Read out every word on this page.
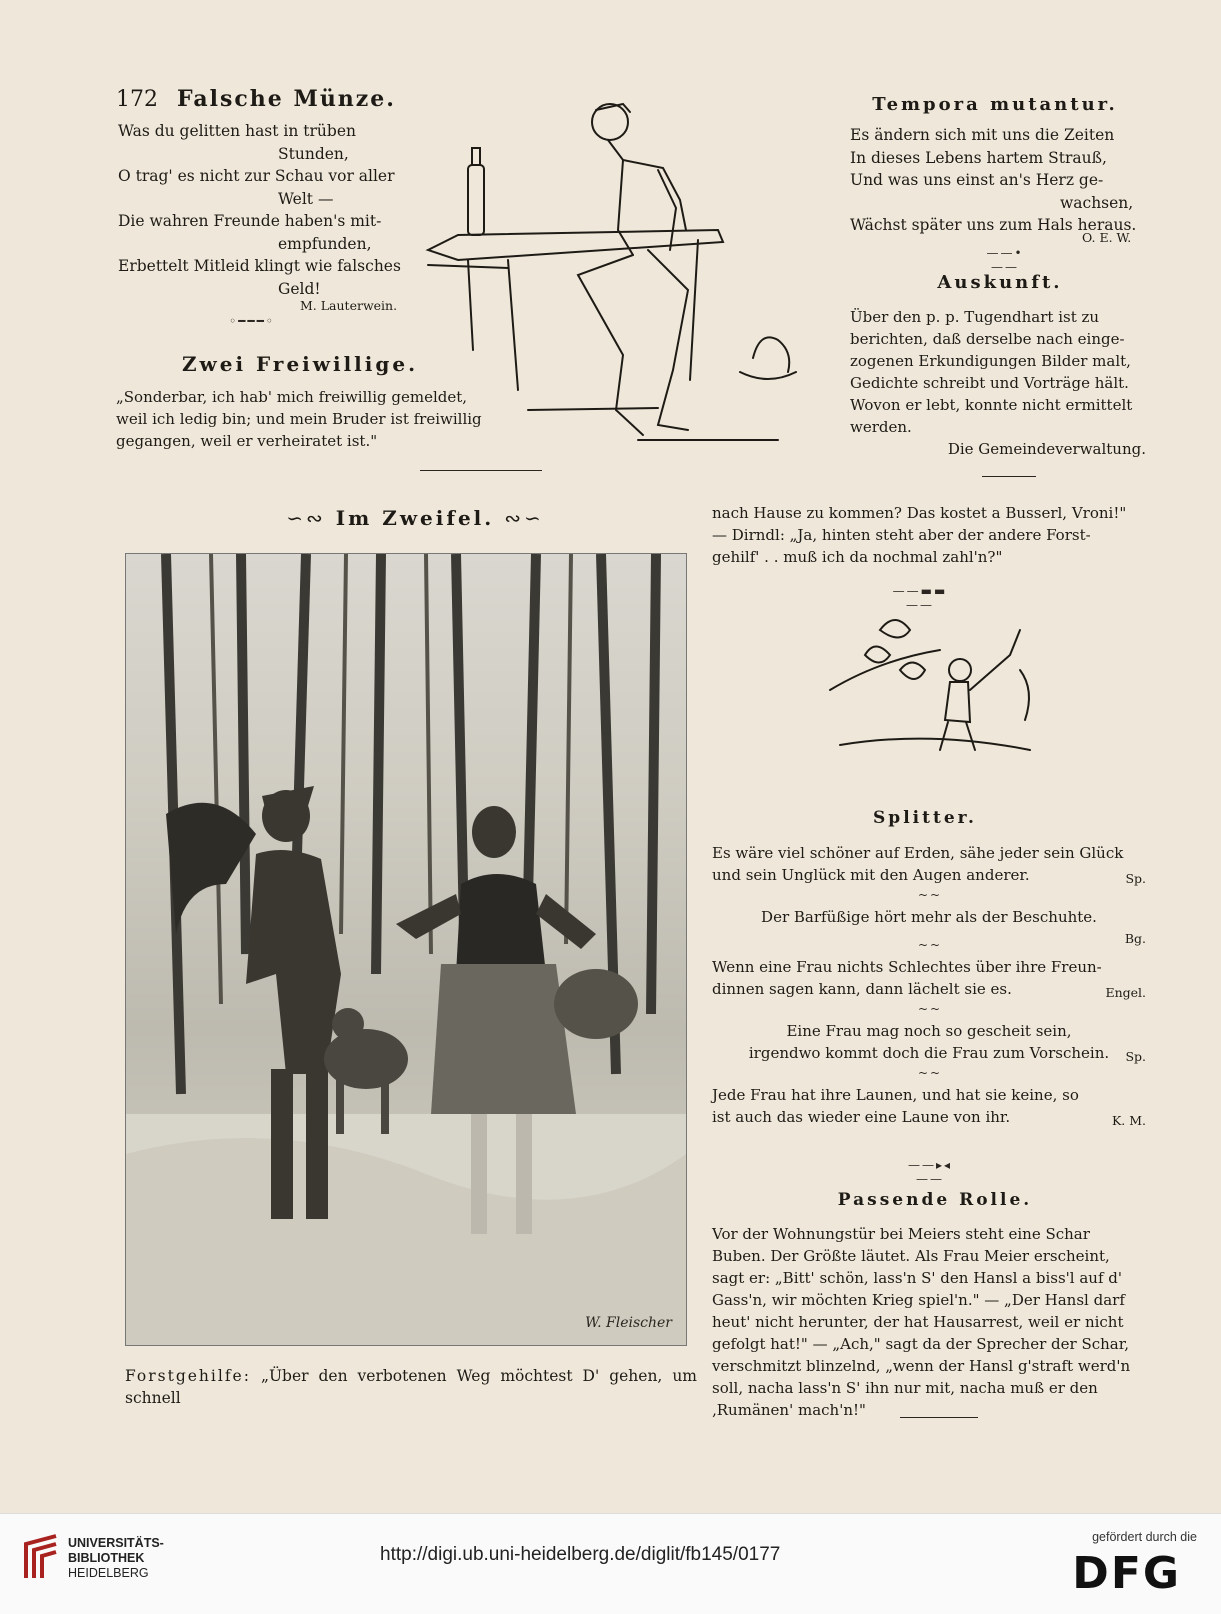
172 Falsche Münze.
Was du gelitten hast in trüben
Stunden,
O trag' es nicht zur Schau vor aller
Welt —
Die wahren Freunde haben's mit-
empfunden,
Erbettelt Mitleid klingt wie falsches
Geld!
M. Lauterwein.
◦━━━◦
Zwei Freiwillige.
„Sonderbar, ich hab' mich freiwillig gemeldet,
weil ich ledig bin; und mein Bruder ist freiwillig
gegangen, weil er verheiratet ist."
Tempora mutantur.
Es ändern sich mit uns die Zeiten
In dieses Lebens hartem Strauß,
Und was uns einst an's Herz ge-
wachsen,
Wächst später uns zum Hals heraus.
O. E. W.
——•——
Auskunft.
Über den p. p. Tugendhart ist zu
berichten, daß derselbe nach einge-
zogenen Erkundigungen Bilder malt,
Gedichte schreibt und Vorträge hält.
Wovon er lebt, konnte nicht ermittelt
werden.
Die Gemeindeverwaltung.
∽∾ Im Zweifel. ∾∽
W. Fleischer
Forstgehilfe: „Über den verbotenen Weg möchtest D' gehen, um schnell
nach Hause zu kommen? Das kostet a Busserl, Vroni!"
— Dirndl: „Ja, hinten steht aber der andere Forst-
gehilf' . . muß ich da nochmal zahl'n?"
——▬▬——
Splitter.
Es wäre viel schöner auf Erden, sähe jeder sein Glück
und sein Unglück mit den Augen anderer.	Sp.
~~
Der Barfüßige hört mehr als der Beschuhte.
Bg.
~~
Wenn eine Frau nichts Schlechtes über ihre Freun-
dinnen sagen kann, dann lächelt sie es.	Engel.
~~
Eine Frau mag noch so gescheit sein,
irgendwo kommt doch die Frau zum Vorschein.	Sp.
~~
Jede Frau hat ihre Launen, und hat sie keine, so
ist auch das wieder eine Laune von ihr.	K. M.
——▸◂——
Passende Rolle.
Vor der Wohnungstür bei Meiers steht eine Schar
Buben. Der Größte läutet. Als Frau Meier erscheint,
sagt er: „Bitt' schön, lass'n S' den Hansl a biss'l auf d'
Gass'n, wir möchten Krieg spiel'n." — „Der Hansl darf
heut' nicht herunter, der hat Hausarrest, weil er nicht
gefolgt hat!" — „Ach," sagt da der Sprecher der Schar,
verschmitzt blinzelnd, „wenn der Hansl g'straft werd'n
soll, nacha lass'n S' ihn nur mit, nacha muß er den
‚Rumänen' mach'n!"
UNIVERSITÄTS-
BIBLIOTHEK
HEIDELBERG
http://digi.ub.uni-heidelberg.de/diglit/fb145/0177
gefördert durch die
DFG
